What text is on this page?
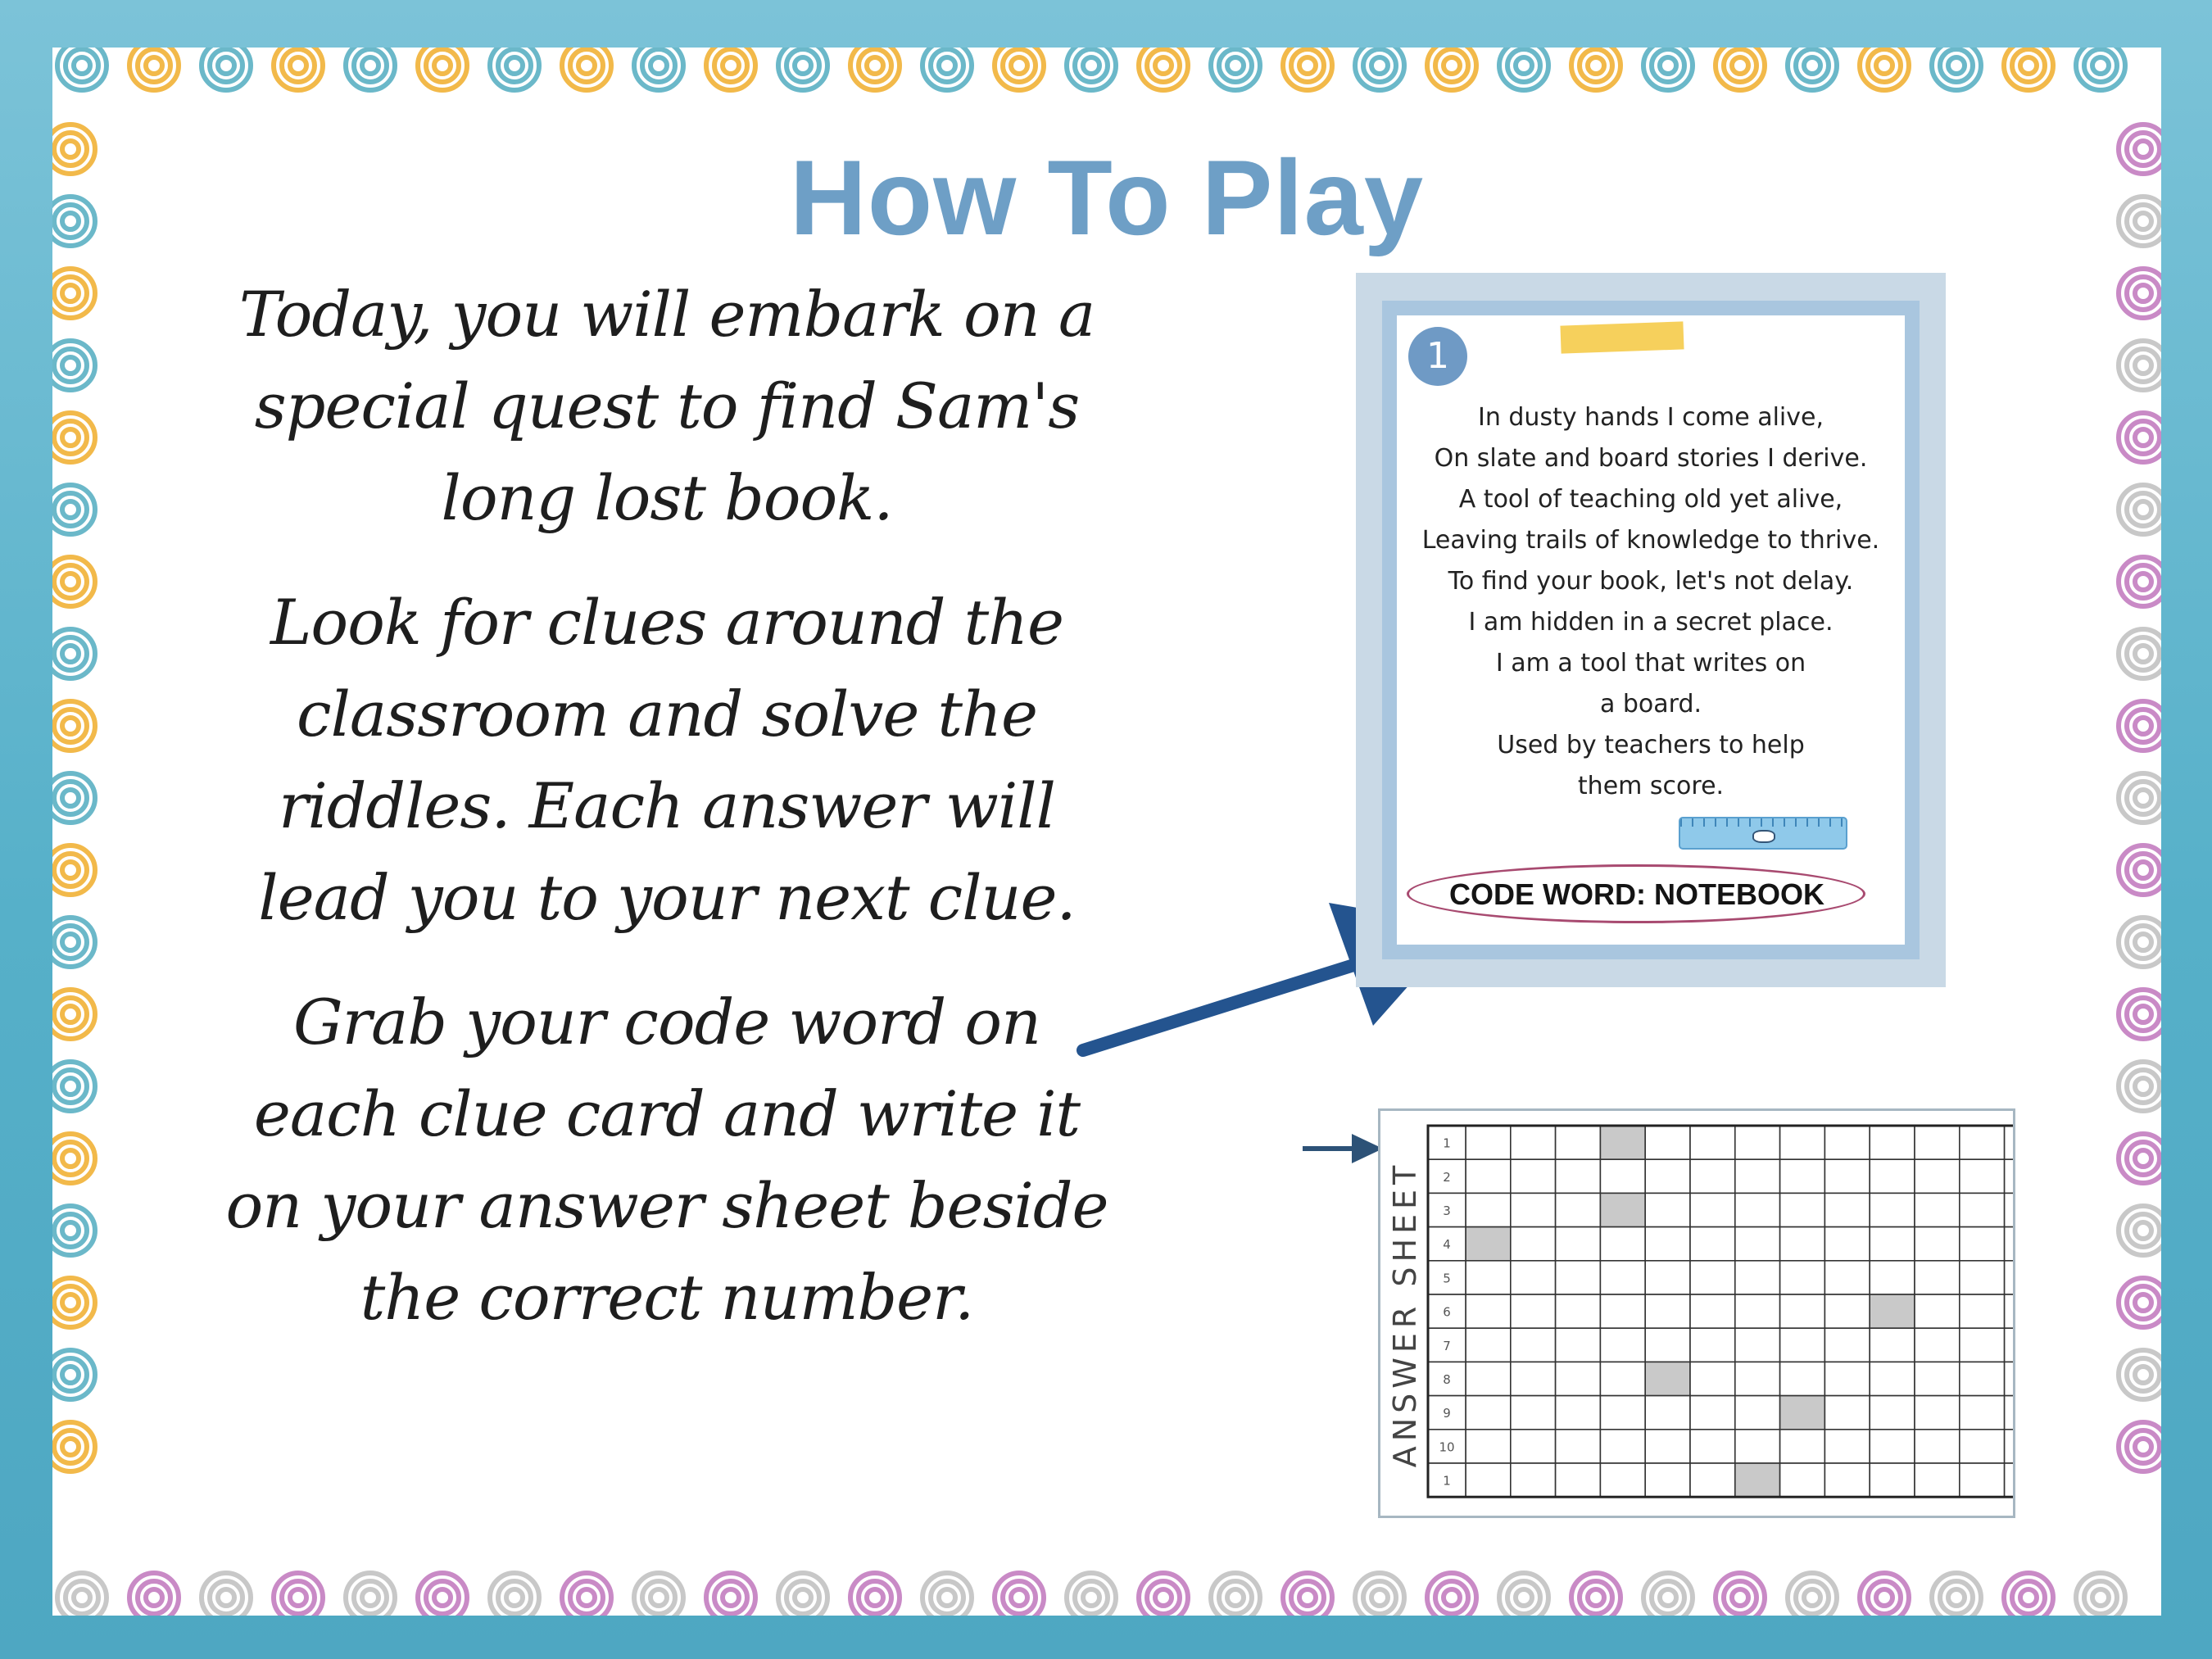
How To Play

Today, you will embark on a special quest to find Sam's long lost book.

Look for clues around the classroom and solve the riddles. Each answer will lead you to your next clue.

Grab your code word on each clue card and write it on your answer sheet beside the correct number.

1
In dusty hands I come alive,
On slate and board stories I derive.
A tool of teaching old yet alive,
Leaving trails of knowledge to thrive.
To find your book, let's not delay.
I am hidden in a secret place.
I am a tool that writes on
a board.
Used by teachers to help
them score.
CODE WORD: NOTEBOOK
ANSWER SHEET
1
2
3
4
5
6
7
8
9
10
1
